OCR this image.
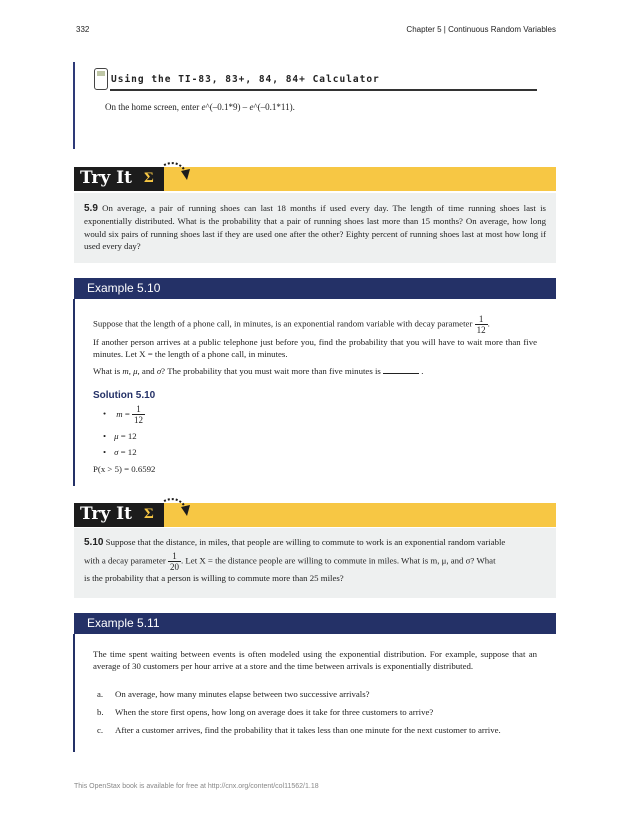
332	Chapter 5 | Continuous Random Variables
Using the TI-83, 83+, 84, 84+ Calculator
On the home screen, enter e^(–0.1*9) – e^(–0.1*11).
Try It Σ

5.9 On average, a pair of running shoes can last 18 months if used every day. The length of time running shoes last is exponentially distributed. What is the probability that a pair of running shoes last more than 15 months? On average, how long would six pairs of running shoes last if they are used one after the other? Eighty percent of running shoes last at most how long if used every day?

Example 5.10
Suppose that the length of a phone call, in minutes, is an exponential random variable with decay parameter $\frac{1}{12}$ .
If another person arrives at a public telephone just before you, find the probability that you will have to wait more than five minutes. Let X = the length of a phone call, in minutes.
What is m, μ, and σ? The probability that you must wait more than five minutes is	.
Solution 5.10
• $m = \frac{1}{12}$
• μ = 12
• σ = 12
P(x > 5) = 0.6592
Try It Σ
5.10 Suppose that the distance, in miles, that people are willing to commute to work is an exponential random variable
with a decay parameter $\frac{1}{20}$ . Let X = the distance people are willing to commute in miles. What is m, μ, and σ? What
is the probability that a person is willing to commute more than 25 miles?
Example 5.11
The time spent waiting between events is often modeled using the exponential distribution. For example, suppose that an average of 30 customers per hour arrive at a store and the time between arrivals is exponentially distributed.
a. On average, how many minutes elapse between two successive arrivals?
b. When the store first opens, how long on average does it take for three customers to arrive?
c. After a customer arrives, find the probability that it takes less than one minute for the next customer to arrive.
This OpenStax book is available for free at http://cnx.org/content/col11562/1.18
